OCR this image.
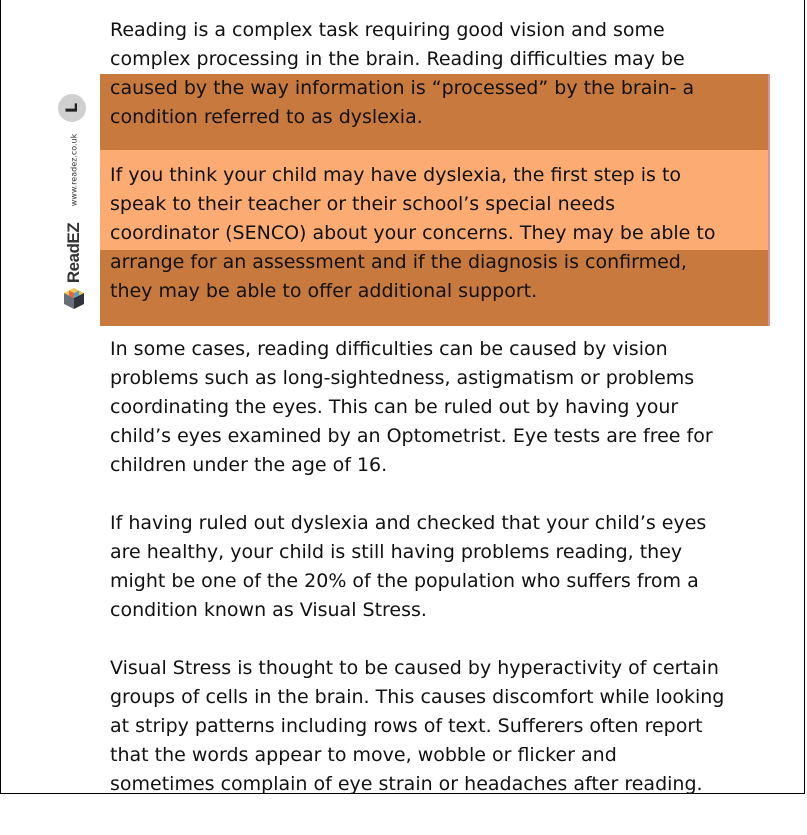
L
www.readez.co.uk
ReadEZ
Reading is a complex task requiring good vision and some
complex processing in the brain. Reading difficulties may be
caused by the way information is “processed” by the brain- a
condition referred to as dyslexia.
If you think your child may have dyslexia, the first step is to
speak to their teacher or their school’s special needs
coordinator (SENCO) about your concerns. They may be able to
arrange for an assessment and if the diagnosis is confirmed,
they may be able to offer additional support.
In some cases, reading difficulties can be caused by vision
problems such as long-sightedness, astigmatism or problems
coordinating the eyes. This can be ruled out by having your
child’s eyes examined by an Optometrist. Eye tests are free for
children under the age of 16.
If having ruled out dyslexia and checked that your child’s eyes
are healthy, your child is still having problems reading, they
might be one of the 20% of the population who suffers from a
condition known as Visual Stress.
Visual Stress is thought to be caused by hyperactivity of certain
groups of cells in the brain. This causes discomfort while looking
at stripy patterns including rows of text. Sufferers often report
that the words appear to move, wobble or flicker and
sometimes complain of eye strain or headaches after reading.
